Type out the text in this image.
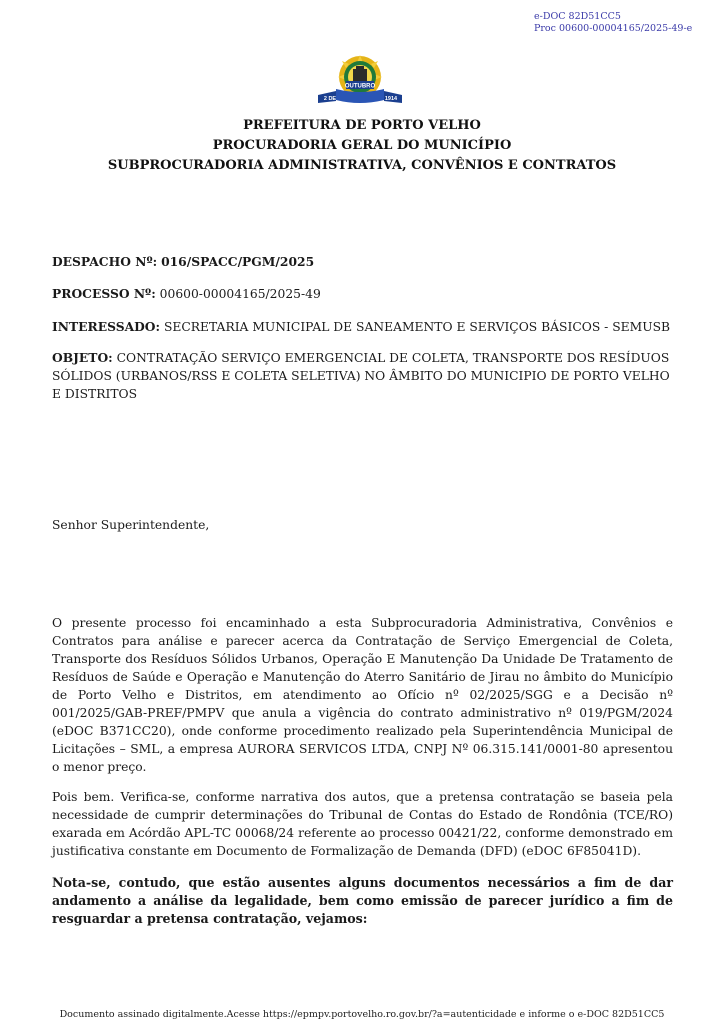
e-DOC 82D51CC5
Proc 00600-00004165/2025-49-e
OUTUBRO
2 DE	1914
PREFEITURA DE PORTO VELHO
PROCURADORIA GERAL DO MUNICÍPIO
SUBPROCURADORIA ADMINISTRATIVA, CONVÊNIOS E CONTRATOS
DESPACHO Nº: 016/SPACC/PGM/2025
PROCESSO Nº: 00600-00004165/2025-49
INTERESSADO: SECRETARIA MUNICIPAL DE SANEAMENTO E SERVIÇOS BÁSICOS - SEMUSB
OBJETO: CONTRATAÇÃO SERVIÇO EMERGENCIAL DE COLETA, TRANSPORTE DOS RESÍDUOS SÓLIDOS (URBANOS/RSS E COLETA SELETIVA) NO ÂMBITO DO MUNICIPIO DE PORTO VELHO E DISTRITOS
Senhor Superintendente,
O presente processo foi encaminhado a esta Subprocuradoria Administrativa, Convênios e Contratos para análise e parecer acerca da Contratação de Serviço Emergencial de Coleta, Transporte dos Resíduos Sólidos Urbanos, Operação E Manutenção Da Unidade De Tratamento de Resíduos de Saúde e Operação e Manutenção do Aterro Sanitário de Jirau no âmbito do Município de Porto Velho e Distritos, em atendimento ao Ofício nº 02/2025/SGG e a Decisão nº 001/2025/GAB-PREF/PMPV que anula a vigência do contrato administrativo nº 019/PGM/2024 (eDOC B371CC20), onde conforme procedimento realizado pela Superintendência Municipal de Licitações – SML, a empresa AURORA SERVICOS LTDA, CNPJ Nº 06.315.141/0001-80 apresentou o menor preço.
Pois bem. Verifica-se, conforme narrativa dos autos, que a pretensa contratação se baseia pela necessidade de cumprir determinações do Tribunal de Contas do Estado de Rondônia (TCE/RO) exarada em Acórdão APL-TC 00068/24 referente ao processo 00421/22, conforme demonstrado em justificativa constante em Documento de Formalização de Demanda (DFD) (eDOC 6F85041D).
Nota-se, contudo, que estão ausentes alguns documentos necessários a fim de dar andamento a análise da legalidade, bem como emissão de parecer jurídico a fim de resguardar a pretensa contratação, vejamos:
Documento assinado digitalmente.Acesse https://epmpv.portovelho.ro.gov.br/?a=autenticidade e informe o e-DOC 82D51CC5
